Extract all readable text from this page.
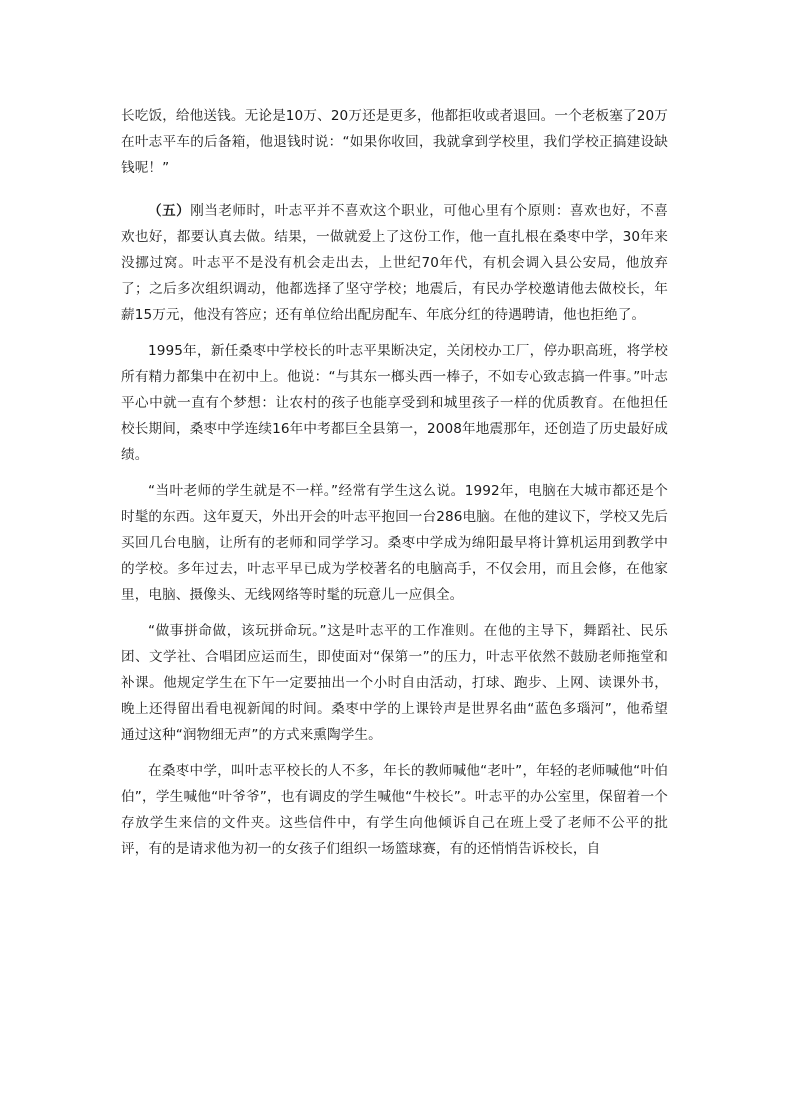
长吃饭，给他送钱。无论是10万、20万还是更多，他都拒收或者退回。一个老板塞了20万在叶志平车的后备箱，他退钱时说：“如果你收回，我就拿到学校里，我们学校正搞建设缺钱呢！”

（五）刚当老师时，叶志平并不喜欢这个职业，可他心里有个原则：喜欢也好，不喜欢也好，都要认真去做。结果，一做就爱上了这份工作，他一直扎根在桑枣中学，30年来没挪过窝。叶志平不是没有机会走出去，上世纪70年代，有机会调入县公安局，他放弃了；之后多次组织调动，他都选择了坚守学校；地震后，有民办学校邀请他去做校长，年薪15万元，他没有答应；还有单位给出配房配车、年底分红的待遇聘请，他也拒绝了。

1995年，新任桑枣中学校长的叶志平果断决定，关闭校办工厂，停办职高班，将学校所有精力都集中在初中上。他说：“与其东一榔头西一棒子，不如专心致志搞一件事。”叶志平心中就一直有个梦想：让农村的孩子也能享受到和城里孩子一样的优质教育。在他担任校长期间，桑枣中学连续16年中考都巨全县第一，2008年地震那年，还创造了历史最好成绩。

“当叶老师的学生就是不一样。”经常有学生这么说。1992年，电脑在大城市都还是个时髦的东西。这年夏天，外出开会的叶志平抱回一台286电脑。在他的建议下，学校又先后买回几台电脑，让所有的老师和同学学习。桑枣中学成为绵阳最早将计算机运用到教学中的学校。多年过去，叶志平早已成为学校著名的电脑高手，不仅会用，而且会修，在他家里，电脑、摄像头、无线网络等时髦的玩意儿一应俱全。

“做事拼命做，该玩拼命玩。”这是叶志平的工作准则。在他的主导下，舞蹈社、民乐团、文学社、合唱团应运而生，即使面对“保第一”的压力，叶志平依然不鼓励老师拖堂和补课。他规定学生在下午一定要抽出一个小时自由活动，打球、跑步、上网、读课外书，晚上还得留出看电视新闻的时间。桑枣中学的上课铃声是世界名曲“蓝色多瑙河”，他希望通过这种“润物细无声”的方式来熏陶学生。

在桑枣中学，叫叶志平校长的人不多，年长的教师喊他“老叶”，年轻的老师喊他“叶伯伯”，学生喊他“叶爷爷”，也有调皮的学生喊他“牛校长”。叶志平的办公室里，保留着一个存放学生来信的文件夹。这些信件中，有学生向他倾诉自己在班上受了老师不公平的批评，有的是请求他为初一的女孩子们组织一场篮球赛，有的还悄悄告诉校长，自
